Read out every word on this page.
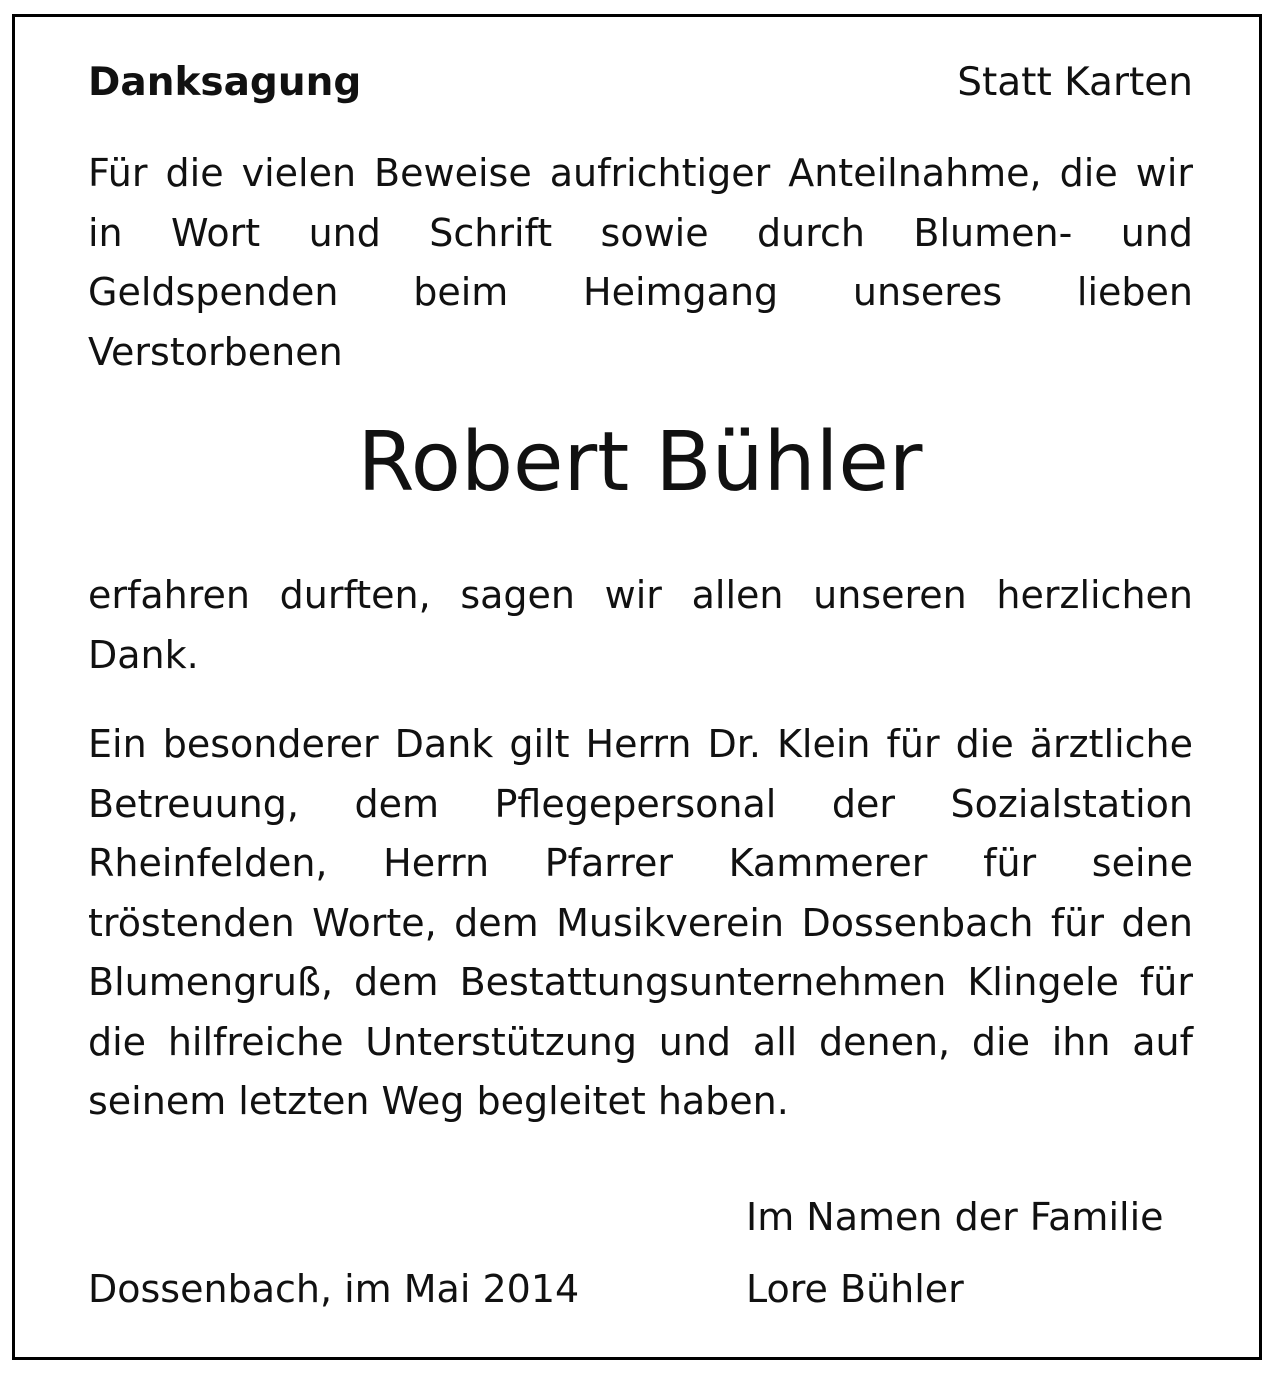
Danksagung	Statt Karten

Für die vielen Beweise aufrichtiger Anteilnahme, die wir in Wort und Schrift sowie durch Blumen- und Geldspenden beim Heimgang unseres lieben Verstorbenen

Robert Bühler

erfahren durften, sagen wir allen unseren herzlichen Dank.

Ein besonderer Dank gilt Herrn Dr. Klein für die ärztliche Betreuung, dem Pflegepersonal der Sozialstation Rheinfelden, Herrn Pfarrer Kammerer für seine tröstenden Worte, dem Musikverein Dossenbach für den Blumengruß, dem Bestattungsunternehmen Klingele für die hilfreiche Unterstützung und all denen, die ihn auf seinem letzten Weg begleitet haben.

Im Namen der Familie
Dossenbach, im Mai 2014	Lore Bühler
